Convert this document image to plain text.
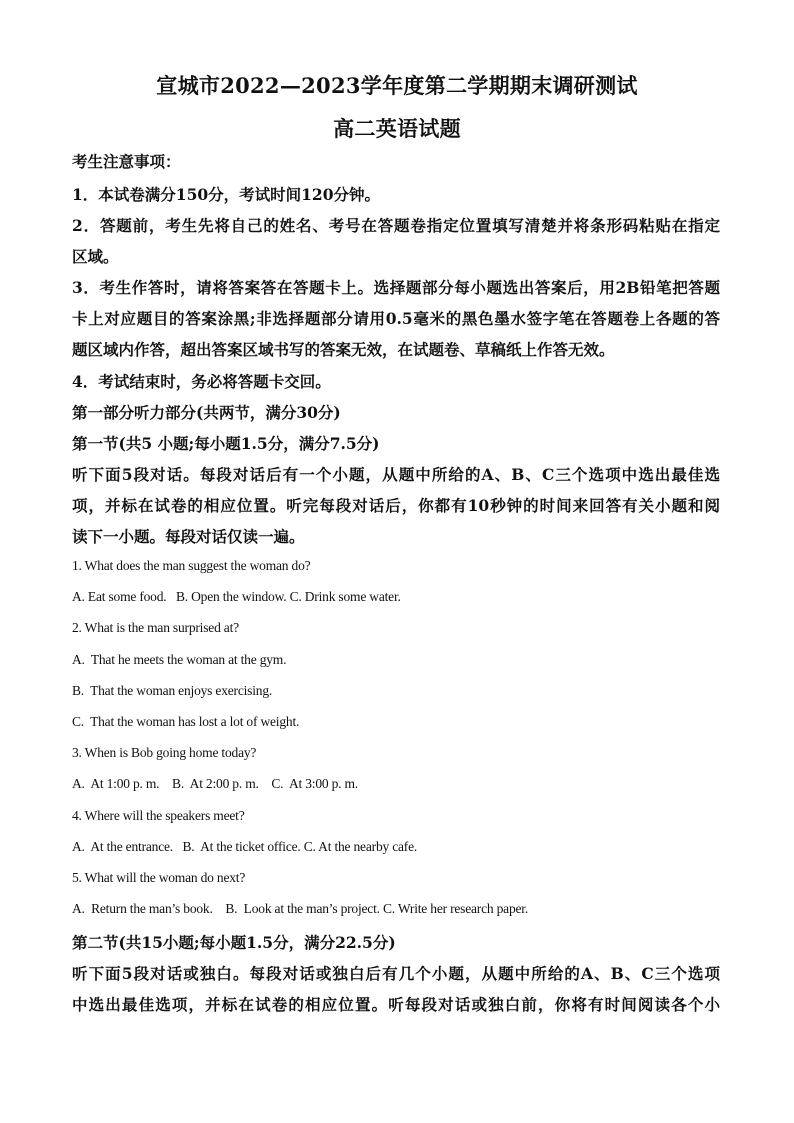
宣城市2022—2023学年度第二学期期末调研测试
高二英语试题
考生注意事项：
1．本试卷满分150分，考试时间120分钟。
2．答题前，考生先将自己的姓名、考号在答题卷指定位置填写清楚并将条形码粘贴在指定
区域。
3．考生作答时，请将答案答在答题卡上。选择题部分每小题选出答案后，用2B铅笔把答题
卡上对应题目的答案涂黑;非选择题部分请用0.5毫米的黑色墨水签字笔在答题卷上各题的答
题区域内作答，超出答案区域书写的答案无效，在试题卷、草稿纸上作答无效。
4．考试结束时，务必将答题卡交回。
第一部分听力部分(共两节，满分30分)
第一节(共5 小题;每小题1.5分，满分7.5分)
听下面5段对话。每段对话后有一个小题，从题中所给的A、B、C三个选项中选出最佳选
项，并标在试卷的相应位置。听完每段对话后，你都有10秒钟的时间来回答有关小题和阅
读下一小题。每段对话仅读一遍。
1. What does the man suggest the woman do?
A. Eat some food.   B. Open the window. C. Drink some water.
2. What is the man surprised at?
A.  That he meets the woman at the gym.
B.  That the woman enjoys exercising.
C.  That the woman has lost a lot of weight.
3. When is Bob going home today?
A.  At 1:00 p. m.    B.  At 2:00 p. m.    C.  At 3:00 p. m.
4. Where will the speakers meet?
A.  At the entrance.   B.  At the ticket office. C. At the nearby cafe.
5. What will the woman do next?
A.  Return the man’s book.    B.  Look at the man’s project. C. Write her research paper.
第二节(共15小题;每小题1.5分，满分22.5分)
听下面5段对话或独白。每段对话或独白后有几个小题，从题中所给的A、B、C三个选项
中选出最佳选项，并标在试卷的相应位置。听每段对话或独白前，你将有时间阅读各个小
